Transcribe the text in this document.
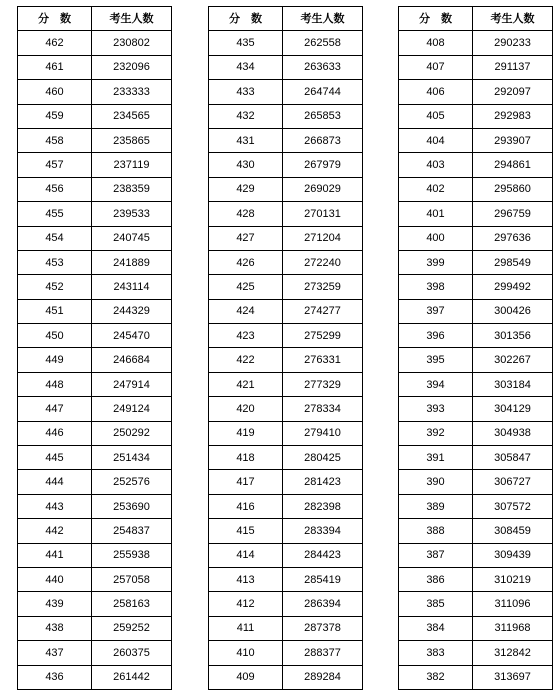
分　数	考生人数
462	230802
461	232096
460	233333
459	234565
458	235865
457	237119
456	238359
455	239533
454	240745
453	241889
452	243114
451	244329
450	245470
449	246684
448	247914
447	249124
446	250292
445	251434
444	252576
443	253690
442	254837
441	255938
440	257058
439	258163
438	259252
437	260375
436	261442
分　数	考生人数
435	262558
434	263633
433	264744
432	265853
431	266873
430	267979
429	269029
428	270131
427	271204
426	272240
425	273259
424	274277
423	275299
422	276331
421	277329
420	278334
419	279410
418	280425
417	281423
416	282398
415	283394
414	284423
413	285419
412	286394
411	287378
410	288377
409	289284
分　数	考生人数
408	290233
407	291137
406	292097
405	292983
404	293907
403	294861
402	295860
401	296759
400	297636
399	298549
398	299492
397	300426
396	301356
395	302267
394	303184
393	304129
392	304938
391	305847
390	306727
389	307572
388	308459
387	309439
386	310219
385	311096
384	311968
383	312842
382	313697
